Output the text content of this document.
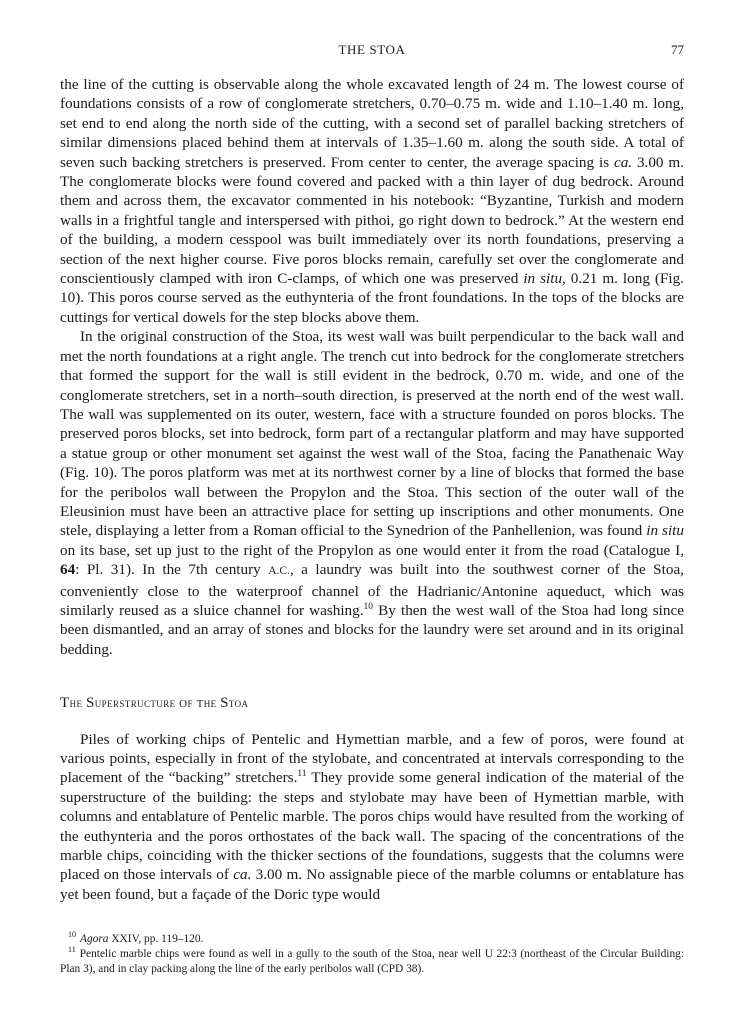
THE STOA	77

the line of the cutting is observable along the whole excavated length of 24 m. The lowest course of foundations consists of a row of conglomerate stretchers, 0.70–0.75 m. wide and 1.10–1.40 m. long, set end to end along the north side of the cutting, with a second set of parallel backing stretchers of similar dimensions placed behind them at intervals of 1.35–1.60 m. along the south side. A total of seven such backing stretchers is preserved. From center to center, the average spacing is ca. 3.00 m. The conglomerate blocks were found covered and packed with a thin layer of dug bedrock. Around them and across them, the excavator commented in his notebook: “Byzantine, Turkish and modern walls in a frightful tangle and interspersed with pithoi, go right down to bedrock.” At the western end of the building, a modern cesspool was built immediately over its north foundations, preserving a section of the next higher course. Five poros blocks remain, carefully set over the conglomerate and conscientiously clamped with iron C-clamps, of which one was preserved in situ, 0.21 m. long (Fig. 10). This poros course served as the euthynteria of the front foundations. In the tops of the blocks are cuttings for vertical dowels for the step blocks above them.

In the original construction of the Stoa, its west wall was built perpendicular to the back wall and met the north foundations at a right angle. The trench cut into bedrock for the conglomerate stretchers that formed the support for the wall is still evident in the bedrock, 0.70 m. wide, and one of the conglomerate stretchers, set in a north–south direction, is preserved at the north end of the west wall. The wall was supplemented on its outer, western, face with a structure founded on poros blocks. The preserved poros blocks, set into bedrock, form part of a rectangular platform and may have supported a statue group or other monument set against the west wall of the Stoa, facing the Panathenaic Way (Fig. 10). The poros platform was met at its northwest corner by a line of blocks that formed the base for the peribolos wall between the Propylon and the Stoa. This section of the outer wall of the Eleusinion must have been an attractive place for setting up inscriptions and other monuments. One stele, displaying a letter from a Roman official to the Synedrion of the Panhellenion, was found in situ on its base, set up just to the right of the Propylon as one would enter it from the road (Catalogue I, 64: Pl. 31). In the 7th century A.C., a laundry was built into the southwest corner of the Stoa, conveniently close to the waterproof channel of the Hadrianic/Antonine aqueduct, which was similarly reused as a sluice channel for washing.$^{10}$ By then the west wall of the Stoa had long since been dismantled, and an array of stones and blocks for the laundry were set around and in its original bedding.

The Superstructure of the Stoa

Piles of working chips of Pentelic and Hymettian marble, and a few of poros, were found at various points, especially in front of the stylobate, and concentrated at intervals corresponding to the placement of the “backing” stretchers.$^{11}$ They provide some general indication of the material of the superstructure of the building: the steps and stylobate may have been of Hymettian marble, with columns and entablature of Pentelic marble. The poros chips would have resulted from the working of the euthynteria and the poros orthostates of the back wall. The spacing of the concentrations of the marble chips, coinciding with the thicker sections of the foundations, suggests that the columns were placed on those intervals of ca. 3.00 m. No assignable piece of the marble columns or entablature has yet been found, but a façade of the Doric type would

$^{10}$ Agora XXIV, pp. 119–120.

$^{11}$ Pentelic marble chips were found as well in a gully to the south of the Stoa, near well U 22:3 (northeast of the Circular Building: Plan 3), and in clay packing along the line of the early peribolos wall (CPD 38).
